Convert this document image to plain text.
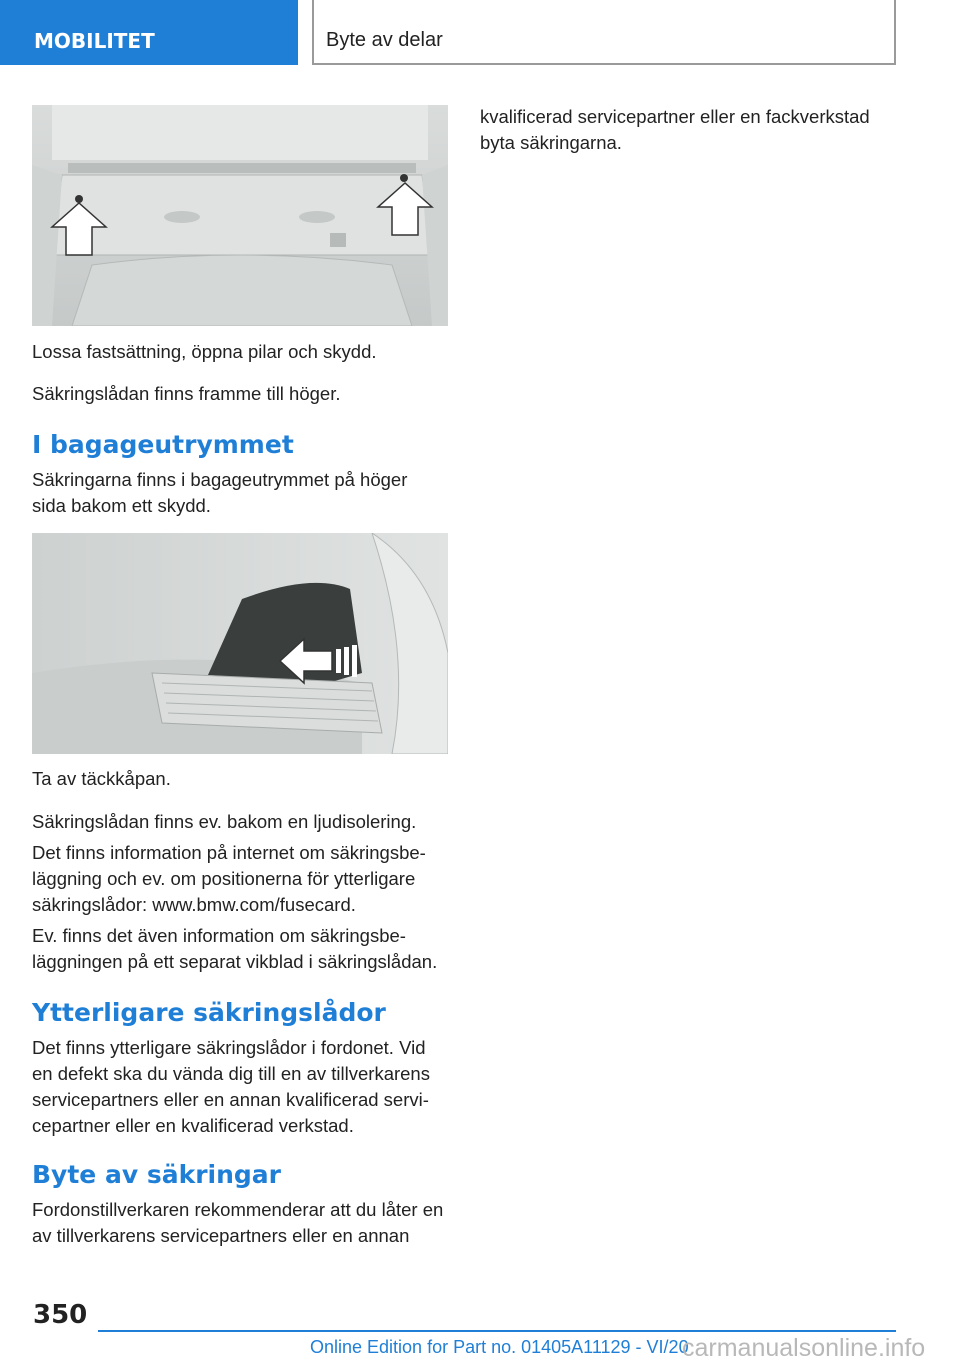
MOBILITET	Byte av delar
Lossa fastsättning, öppna pilar och skydd.
Säkringslådan finns framme till höger.
I bagageutrymmet
Säkringarna finns i bagageutrymmet på höger sida bakom ett skydd.
Ta av täckkåpan.
Säkringslådan finns ev. bakom en ljudisolering.
Det finns information på internet om säkringsbeläggning och ev. om positionerna för ytterligare säkringslådor: www.bmw.com/fusecard.
Ev. finns det även information om säkringsbeläggningen på ett separat vikblad i säkringslådan.
Ytterligare säkringslådor
Det finns ytterligare säkringslådor i fordonet. Vid en defekt ska du vända dig till en av tillverkarens servicepartners eller en annan kvalificerad servicepartner eller en kvalificerad verkstad.
Byte av säkringar
Fordonstillverkaren rekommenderar att du låter en av tillverkarens servicepartners eller en annan
kvalificerad servicepartner eller en fackverkstad byta säkringarna.
350
Online Edition for Part no. 01405A11129 - VI/20
carmanualsonline.info
